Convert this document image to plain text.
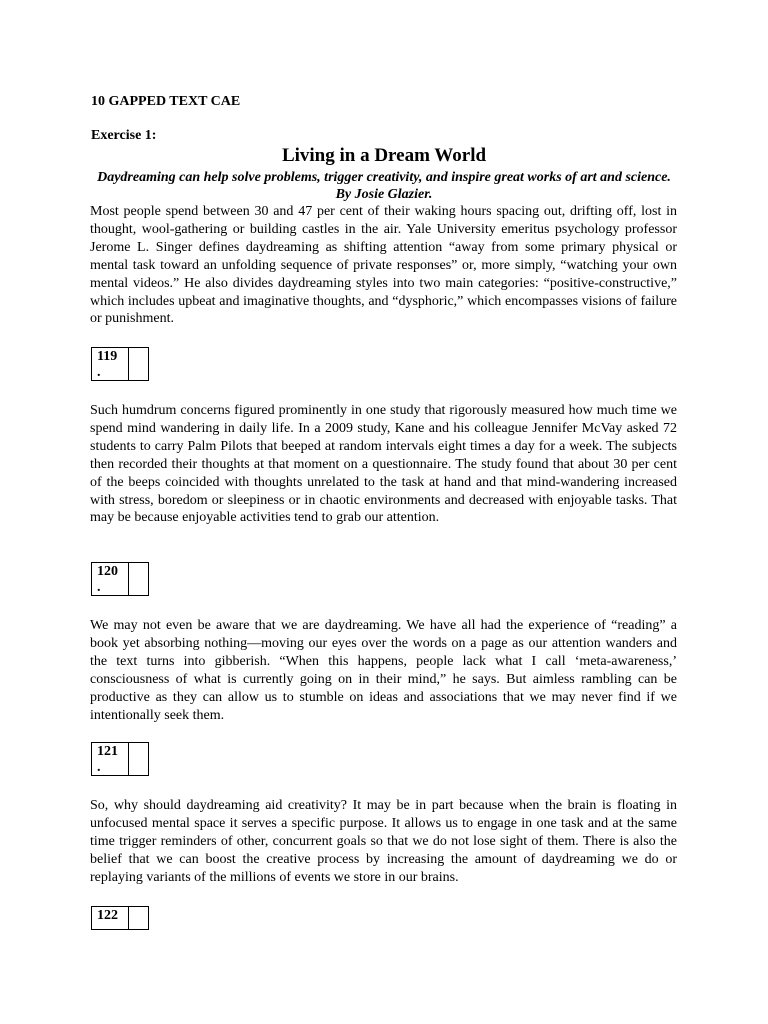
10 GAPPED TEXT CAE
Exercise 1:
Living in a Dream World
Daydreaming can help solve problems, trigger creativity, and inspire great works of art and science. By Josie Glazier.

Most people spend between 30 and 47 per cent of their waking hours spacing out, drifting off, lost in thought, wool-gathering or building castles in the air. Yale University emeritus psychology professor Jerome L. Singer defines daydreaming as shifting attention “away from some primary physical or mental task toward an unfolding sequence of private responses” or, more simply, “watching your own mental videos.” He also divides daydreaming styles into two main categories: “positive-constructive,” which includes upbeat and imaginative thoughts, and “dysphoric,” which encompasses visions of failure or punishment.

119
.

Such humdrum concerns figured prominently in one study that rigorously measured how much time we spend mind wandering in daily life. In a 2009 study, Kane and his colleague Jennifer McVay asked 72 students to carry Palm Pilots that beeped at random intervals eight times a day for a week. The subjects then recorded their thoughts at that moment on a questionnaire. The study found that about 30 per cent of the beeps coincided with thoughts unrelated to the task at hand and that mind-wandering increased with stress, boredom or sleepiness or in chaotic environments and decreased with enjoyable tasks. That may be because enjoyable activities tend to grab our attention.

120
.

We may not even be aware that we are daydreaming. We have all had the experience of “reading” a book yet absorbing nothing—moving our eyes over the words on a page as our attention wanders and the text turns into gibberish. “When this happens, people lack what I call ‘meta-awareness,’ consciousness of what is currently going on in their mind,” he says. But aimless rambling can be productive as they can allow us to stumble on ideas and associations that we may never find if we intentionally seek them.

121
.

So, why should daydreaming aid creativity? It may be in part because when the brain is floating in unfocused mental space it serves a specific purpose. It allows us to engage in one task and at the same time trigger reminders of other, concurrent goals so that we do not lose sight of them. There is also the belief that we can boost the creative process by increasing the amount of daydreaming we do or replaying variants of the millions of events we store in our brains.

122
